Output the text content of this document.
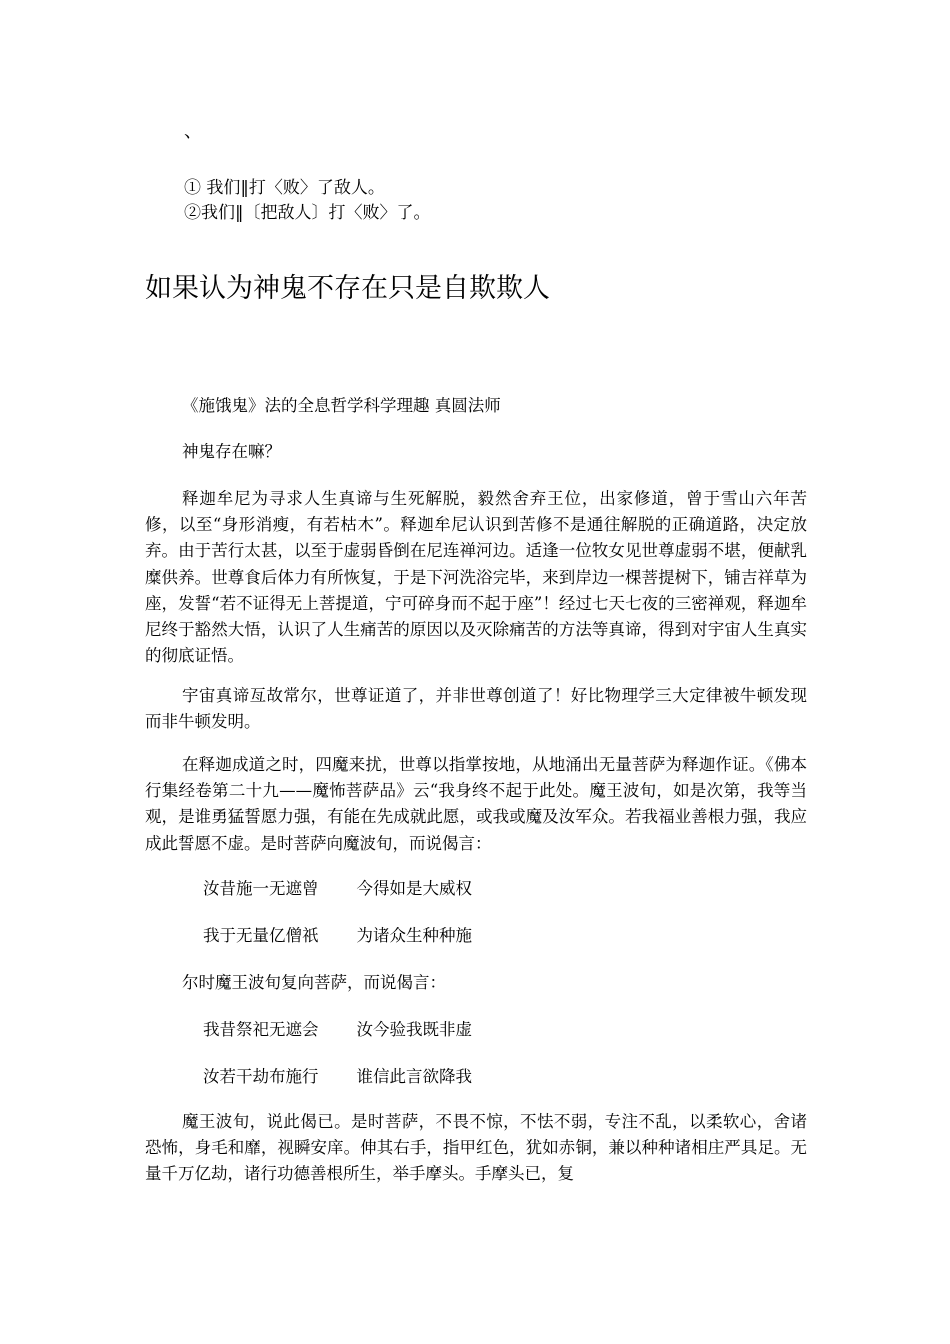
、
① 我们‖打〈败〉了敌人。
②我们‖〔把敌人〕打〈败〉了。
如果认为神鬼不存在只是自欺欺人
《施饿鬼》法的全息哲学科学理趣 真圆法师
神鬼存在嘛？

释迦牟尼为寻求人生真谛与生死解脱，毅然舍弃王位，出家修道，曾于雪山六年苦修，以至“身形消瘦，有若枯木”。释迦牟尼认识到苦修不是通往解脱的正确道路，决定放弃。由于苦行太甚，以至于虚弱昏倒在尼连禅河边。适逢一位牧女见世尊虚弱不堪，便献乳糜供养。世尊食后体力有所恢复，于是下河洗浴完毕，来到岸边一棵菩提树下，铺吉祥草为座，发誓“若不证得无上菩提道，宁可碎身而不起于座”！经过七天七夜的三密禅观，释迦牟尼终于豁然大悟，认识了人生痛苦的原因以及灭除痛苦的方法等真谛，得到对宇宙人生真实的彻底证悟。

宇宙真谛亙故常尔，世尊证道了，并非世尊创道了！好比物理学三大定律被牛顿发现而非牛顿发明。

在释迦成道之时，四魔来扰，世尊以指掌按地，从地涌出无量菩萨为释迦作证。《佛本行集经卷第二十九——魔怖菩萨品》云“我身终不起于此处。魔王波旬，如是次第，我等当观，是谁勇猛誓愿力强，有能在先成就此愿，或我或魔及汝军众。若我福业善根力强，我应成此誓愿不虚。是时菩萨向魔波旬，而说偈言：

汝昔施一无遮曾 今得如是大威权
我于无量亿僧祇 为诸众生种种施
尔时魔王波旬复向菩萨，而说偈言：
我昔祭祀无遮会 汝今验我既非虚
汝若干劫布施行 谁信此言欲降我

魔王波旬，说此偈已。是时菩萨，不畏不惊，不怯不弱，专注不乱，以柔软心，舍诸恐怖，身毛和靡，视瞬安庠。伸其右手，指甲红色，犹如赤铜，兼以种种诸相庄严具足。无量千万亿劫，诸行功德善根所生，举手摩头。手摩头已，复
